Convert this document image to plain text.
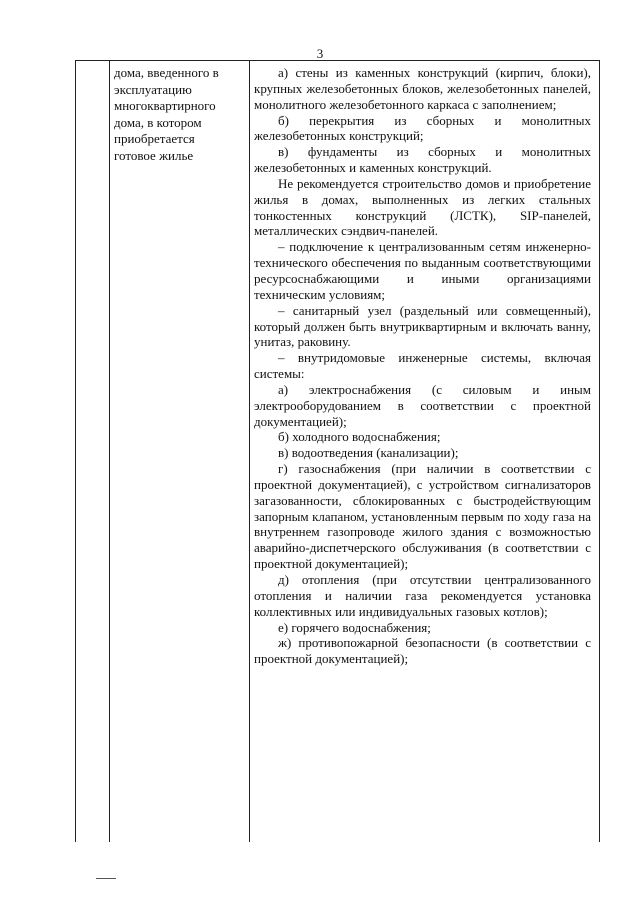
3
дома, введенного в
эксплуатацию
многоквартирного
дома, в котором
приобретается
готовое жилье

а) стены из каменных конструкций (кирпич, блоки), крупных железобетонных блоков, железобетонных панелей, монолитного железобетонного каркаса с заполнением;

б) перекрытия из сборных и монолитных железобетонных конструкций;

в) фундаменты из сборных и монолитных железобетонных и каменных конструкций.

Не рекомендуется строительство домов и приобретение жилья в домах, выполненных из легких стальных тонкостенных конструкций (ЛСТК), SIP-панелей, металлических сэндвич-панелей.

– подключение к централизованным сетям инженерно-технического обеспечения по выданным соответствующими ресурсоснабжающими и иными организациями техническим условиям;

– санитарный узел (раздельный или совмещенный), который должен быть внутриквартирным и включать ванну, унитаз, раковину.

– внутридомовые инженерные системы, включая системы:

а) электроснабжения (с силовым и иным электрооборудованием в соответствии с проектной документацией);

б) холодного водоснабжения;

в) водоотведения (канализации);

г) газоснабжения (при наличии в соответствии с проектной документацией), с устройством сигнализаторов загазованности, сблокированных с быстродействующим запорным клапаном, установленным первым по ходу газа на внутреннем газопроводе жилого здания с возможностью аварийно-диспетчерского обслуживания (в соответствии с проектной документацией);

д) отопления (при отсутствии централизованного отопления и наличии газа рекомендуется установка коллективных или индивидуальных газовых котлов);

е) горячего водоснабжения;

ж) противопожарной безопасности (в соответствии с проектной документацией);
